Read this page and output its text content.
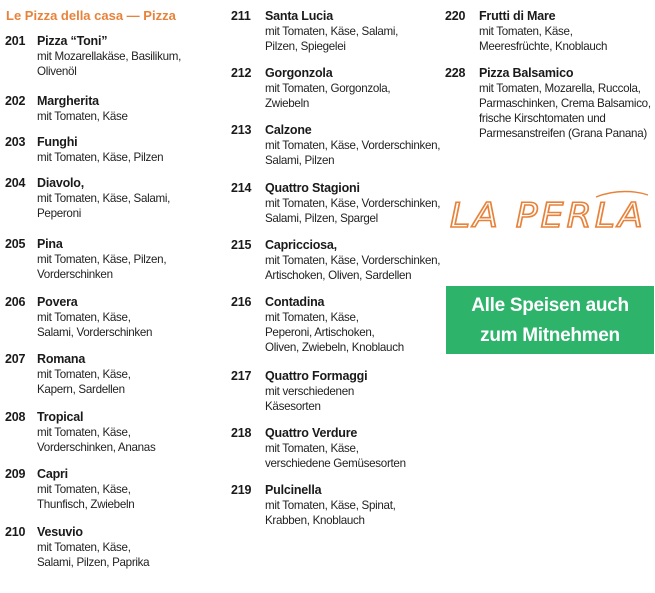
Le Pizza della casa — Pizza
201 Pizza “Toni”
mit Mozarellakäse, Basilikum,
Olivenöl
202 Margherita
mit Tomaten, Käse
203 Funghi
mit Tomaten, Käse, Pilzen
204 Diavolo,
mit Tomaten, Käse, Salami,
Peperoni
205 Pina
mit Tomaten, Käse, Pilzen,
Vorderschinken
206 Povera
mit Tomaten, Käse,
Salami, Vorderschinken
207 Romana
mit Tomaten, Käse,
Kapern, Sardellen
208 Tropical
mit Tomaten, Käse,
Vorderschinken, Ananas
209 Capri
mit Tomaten, Käse,
Thunfisch, Zwiebeln
210 Vesuvio
mit Tomaten, Käse,
Salami, Pilzen, Paprika
211 Santa Lucia
mit Tomaten, Käse, Salami,
Pilzen, Spiegelei
212 Gorgonzola
mit Tomaten, Gorgonzola,
Zwiebeln
213 Calzone
mit Tomaten, Käse, Vorderschinken,
Salami, Pilzen
214 Quattro Stagioni
mit Tomaten, Käse, Vorderschinken,
Salami, Pilzen, Spargel
215 Capricciosa,
mit Tomaten, Käse, Vorderschinken,
Artischoken, Oliven, Sardellen
216 Contadina
mit Tomaten, Käse,
Peperoni, Artischoken,
Oliven, Zwiebeln, Knoblauch
217 Quattro Formaggi
mit verschiedenen
Käsesorten
218 Quattro Verdure
mit Tomaten, Käse,
verschiedene Gemüsesorten
219 Pulcinella
mit Tomaten, Käse, Spinat,
Krabben, Knoblauch
220 Frutti di Mare
mit Tomaten, Käse,
Meeresfrüchte, Knoblauch
228 Pizza Balsamico
mit Tomaten, Mozarella, Ruccola,
Parmaschinken, Crema Balsamico,
frische Kirschtomaten und
Parmesanstreifen (Grana Panana)
LA PERLA
Alle Speisen auch
zum Mitnehmen
